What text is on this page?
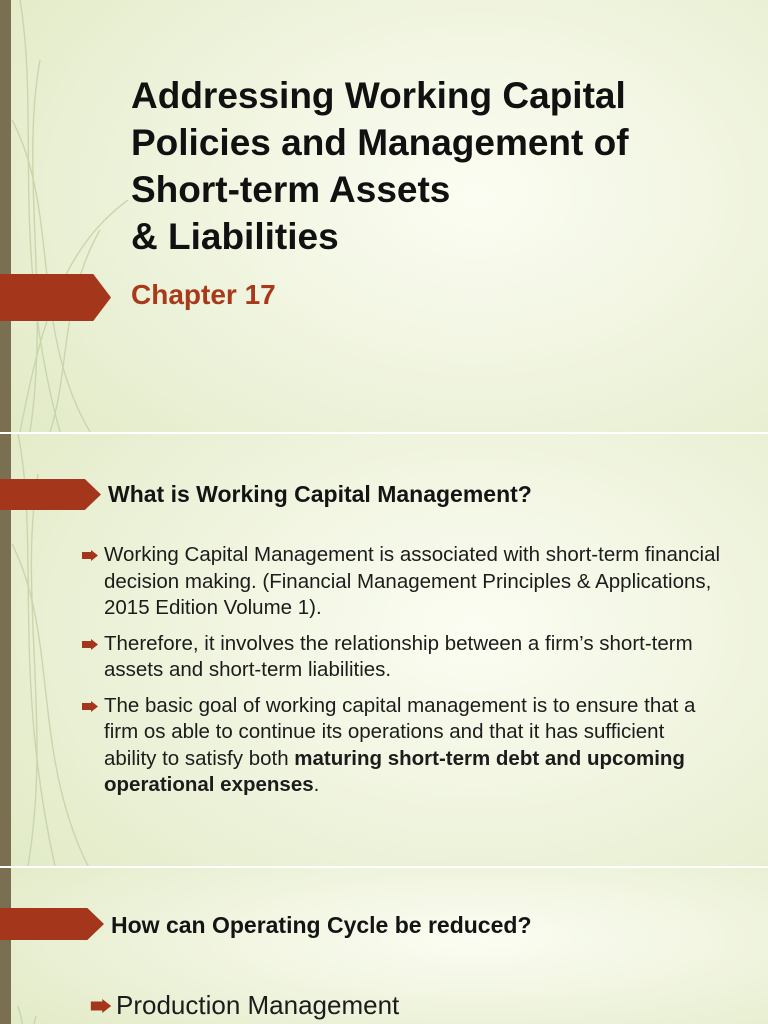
Addressing Working Capital
Policies and Management of
Short-term Assets
& Liabilities

Chapter 17

What is Working Capital Management?
Working Capital Management is associated with short-term financial decision making. (Financial Management Principles & Applications, 2015 Edition Volume 1).
Therefore, it involves the relationship between a firm’s short-term assets and short-term liabilities.
The basic goal of working capital management is to ensure that a firm os able to continue its operations and that it has sufficient ability to satisfy both maturing short-term debt and upcoming operational expenses.
How can Operating Cycle be reduced?

Production Management
